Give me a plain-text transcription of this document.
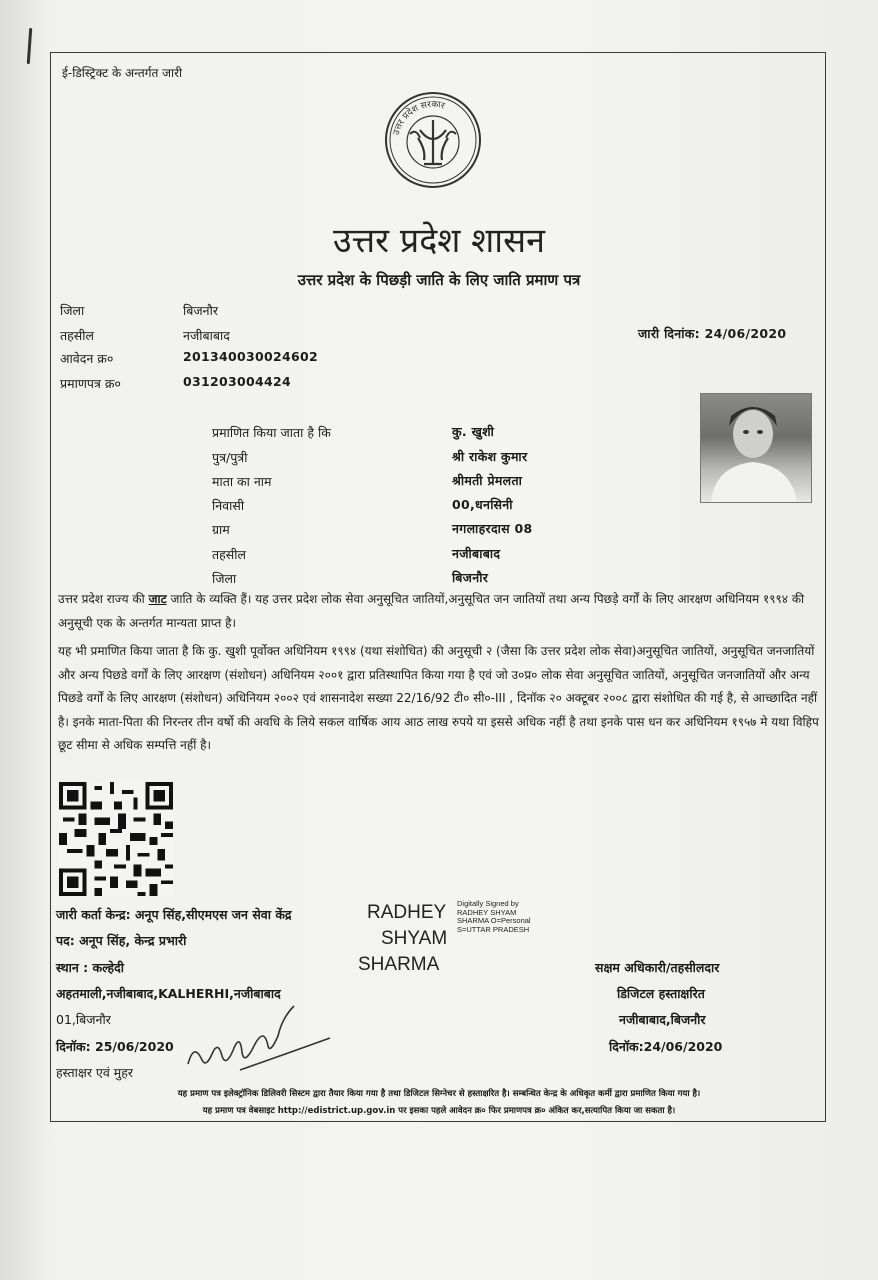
ई-डिस्ट्रिक्ट के अन्तर्गत जारी
उत्तर प्रदेश सरकार
उत्तर प्रदेश शासन
उत्तर प्रदेश के पिछड़ी जाति के लिए जाति प्रमाण पत्र
जिला	बिजनौर
तहसील	नजीबाबाद
आवेदन क्र०	201340030024602
प्रमाणपत्र क्र०	031203004424
जारी दिनांक: 24/06/2020
प्रमाणित किया जाता है कि	कु. खुशी
पुत्र/पुत्री	श्री राकेश कुमार
माता का नाम	श्रीमती प्रेमलता
निवासी	00,धनसिनी
ग्राम	नगलाहरदास 08
तहसील	नजीबाबाद
जिला	बिजनौर
उत्तर प्रदेश राज्य की जाट जाति के व्यक्ति हैं। यह उत्तर प्रदेश लोक सेवा अनुसूचित जातियों,अनुसूचित जन जातियों तथा अन्य पिछड़े वर्गों के लिए आरक्षण अधिनियम १९९४ की अनुसूची एक के अन्तर्गत मान्यता प्राप्त है।
यह भी प्रमाणित किया जाता है कि कु. खुशी पूर्वोक्त अधिनियम १९९४ (यथा संशोधित) की अनुसूची २ (जैसा कि उत्तर प्रदेश लोक सेवा)अनुसूचित जातियों, अनुसूचित जनजातियों और अन्य पिछडे वर्गों के लिए आरक्षण (संशोधन) अधिनियम २००१ द्वारा प्रतिस्थापित किया गया है एवं जो उ०प्र० लोक सेवा अनुसूचित जातियों, अनुसूचित जनजातियों और अन्य पिछडे वर्गों के लिए आरक्षण (संशोधन) अधिनियम २००२ एवं शासनादेश सख्या 22/16/92 टी० सी०-III , दिनॉक २० अक्टूबर २००८ द्वारा संशोधित की गई है, से आच्छादित नहीं है। इनके माता-पिता की निरन्तर तीन वर्षो की अवधि के लिये सकल वार्षिक आय आठ लाख रुपये या इससे अधिक नहीं है तथा इनके पास धन कर अधिनियम १९५७ मे यथा विहिप छूट सीमा से अधिक सम्पत्ति नहीं है।
जारी कर्ता केन्द्र: अनूप सिंह,सीएमएस जन सेवा केंद्र
पद: अनूप सिंह, केन्द्र प्रभारी
स्थान : कल्हेदी
अहतमाली,नजीबाबाद,KALHERHI,नजीबाबाद
01,बिजनौर
दिनॉक: 25/06/2020
हस्ताक्षर एवं मुहर
RADHEY
SHYAM
SHARMA
Digitally Signed by
RADHEY SHYAM
SHARMA O=Personal
S=UTTAR PRADESH
सक्षम अधिकारी/तहसीलदार
डिजिटल हस्ताक्षरित
नजीबाबाद,बिजनौर
दिनॉक:24/06/2020
यह प्रमाण पत्र इलेक्ट्रॉनिक डिलिवरी सिस्टम द्वारा तैयार किया गया है तथा डिजिटल सिग्नेचर से हस्ताक्षरित है। सम्बन्धित केन्द्र के अधिकृत कर्मी द्वारा प्रमाणित किया गया है।
यह प्रमाण पत्र वेबसाइट http://edistrict.up.gov.in पर इसका पहले आवेदन क्र० फिर प्रमाणपत्र क्र० अंकित कर,सत्यापित किया जा सकता है।
